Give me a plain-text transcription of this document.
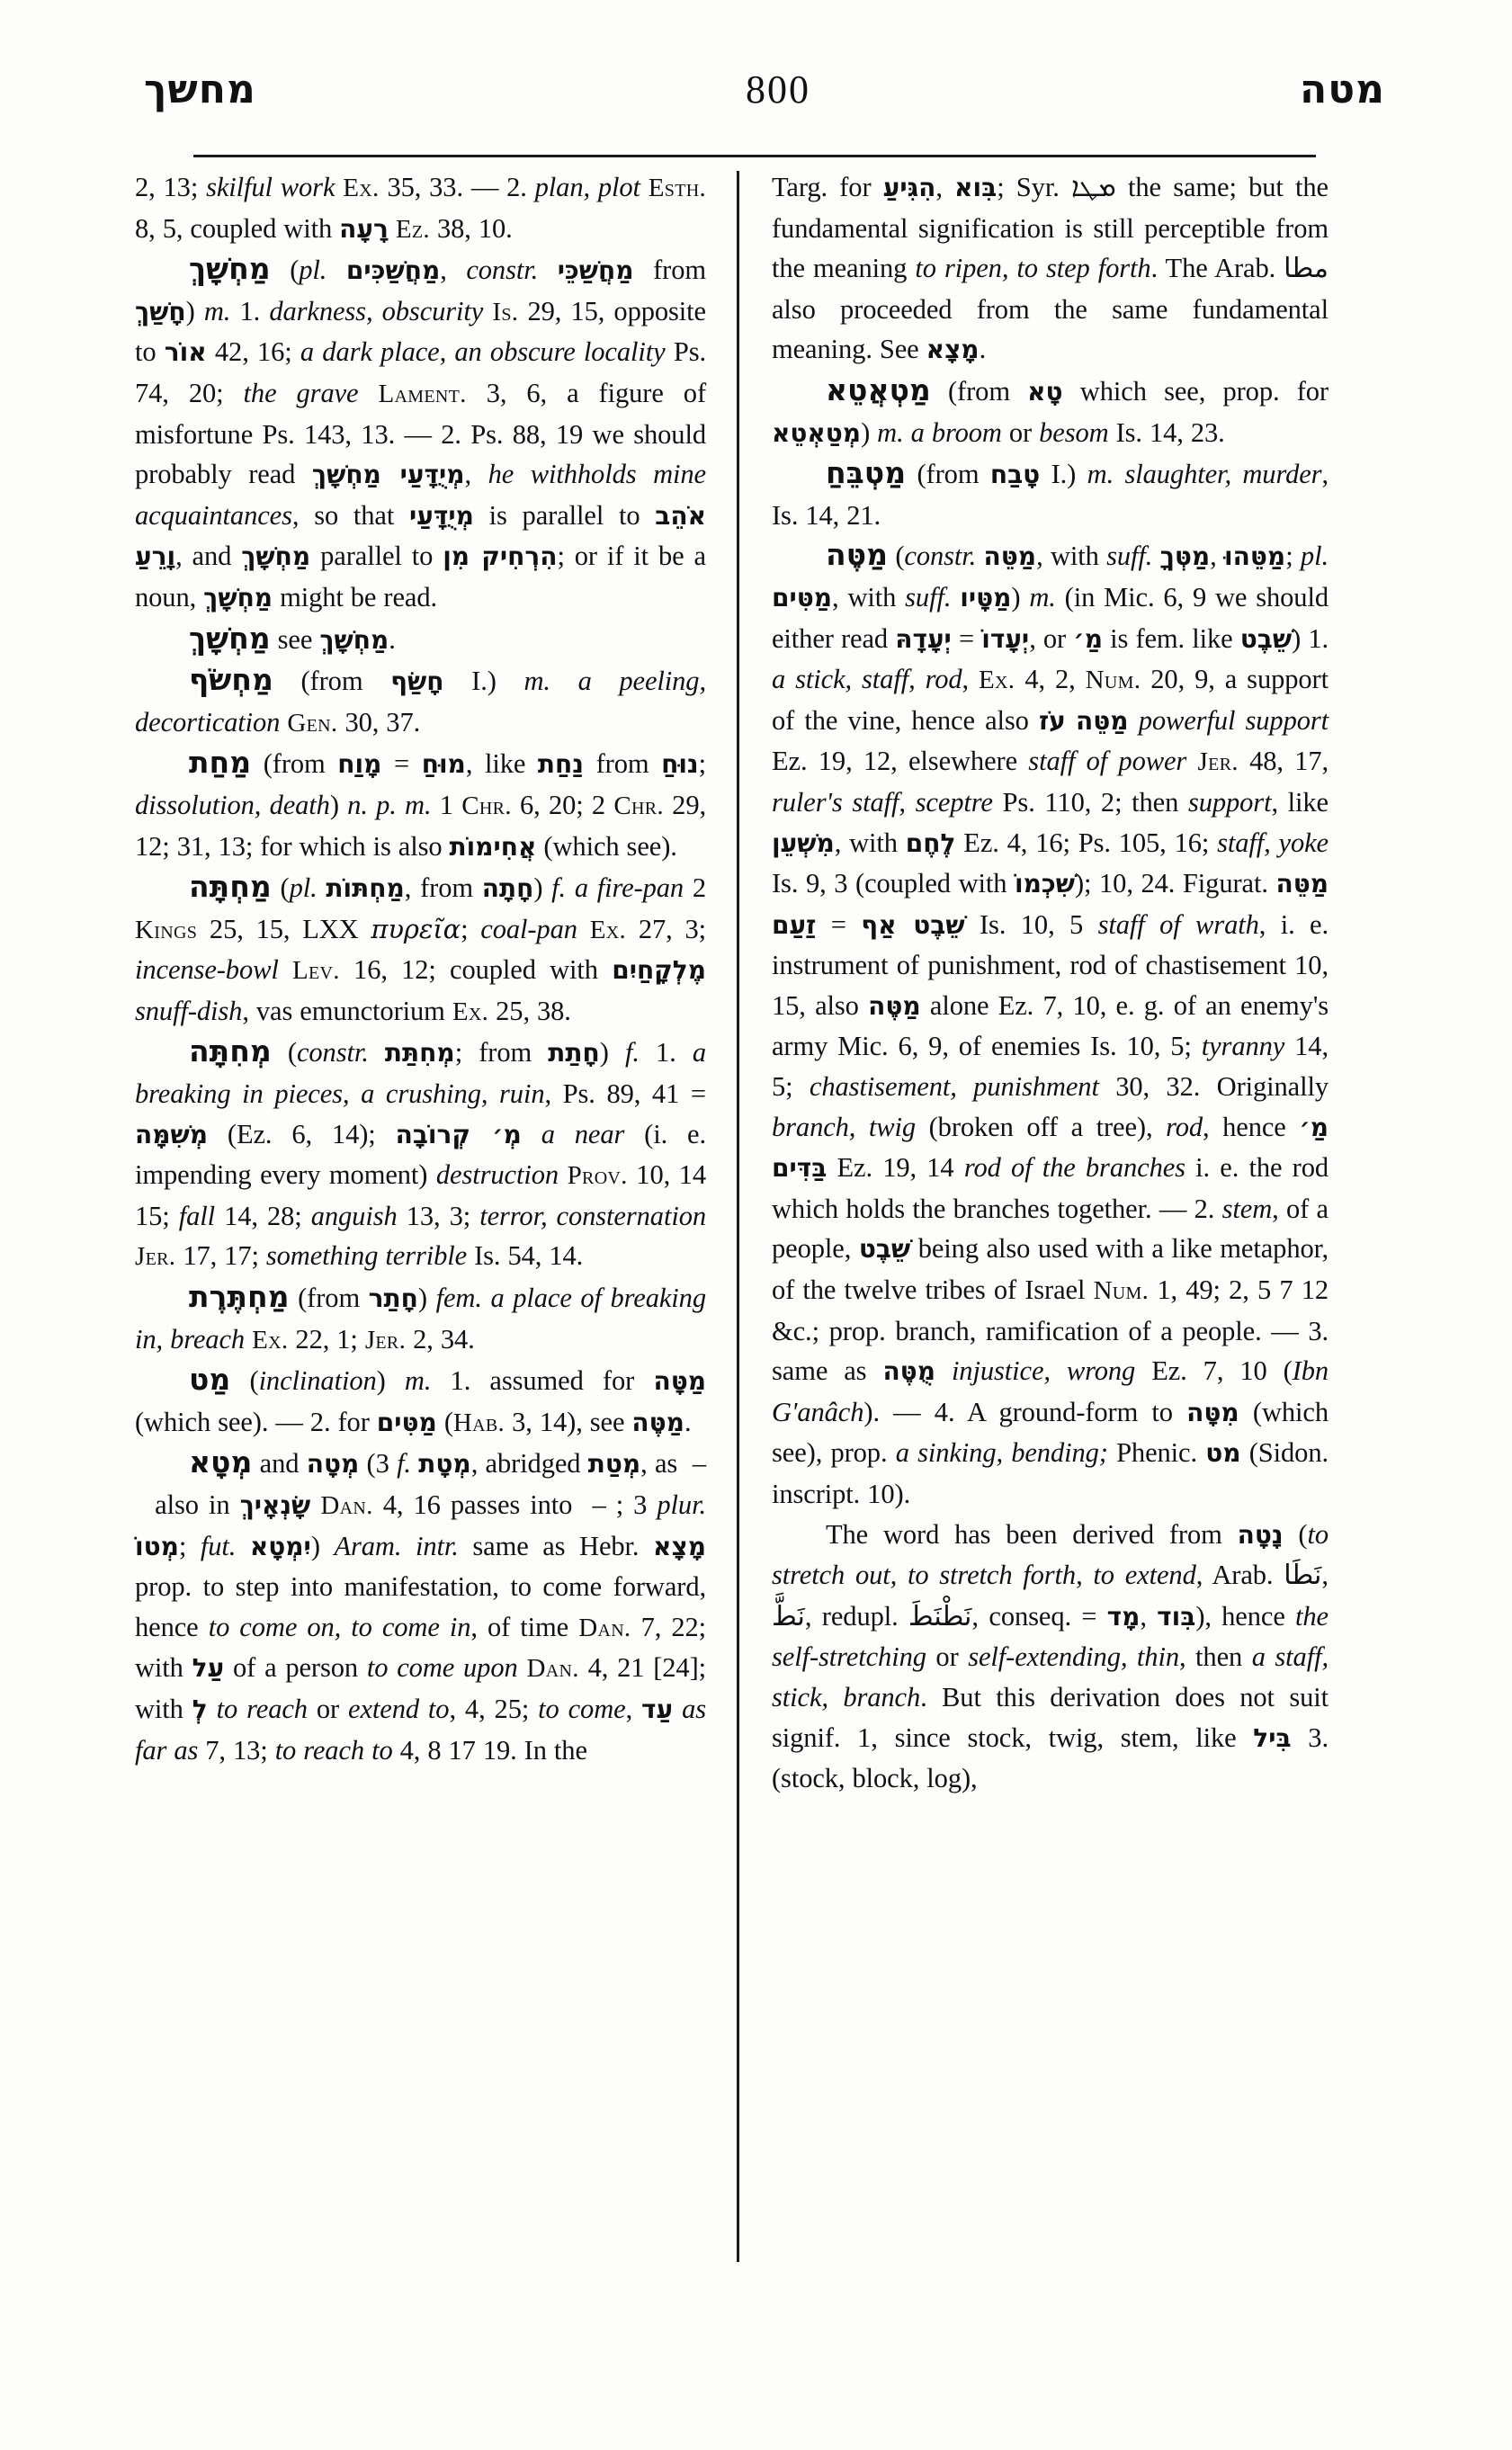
מחשך	800	מטה

2, 13; skilful work Ex. 35, 33. — 2. plan, plot Esth. 8, 5, coupled with רָעָה Ez. 38, 10.

מַחְשָׁךְ (pl. מַחֲשַׁכִּים, constr. מַחֲשַׁכֵּי from חָשַׁךְ) m. 1. darkness, obscurity Is. 29, 15, opposite to אוֹר 42, 16; a dark place, an obscure locality Ps. 74, 20; the grave Lament. 3, 6, a figure of misfortune Ps. 143, 13. — 2. Ps. 88, 19 we should probably read מְיֻדָּעַי מַחְשָׁךְ, he withholds mine acquaintances, so that מְיֻדָּעַי is parallel to אֹהֵב וָרֵעַ, and מַחְשָׁךְ parallel to הִרְחִיק מִן; or if it be a noun, מַחְשָׁךְ might be read.

מַחְשָׁךְ see מַחְשָׁךְ.

מַחְשֹׂף (from חָשַׂף I.) m. a peeling, decortication Gen. 30, 37.

מַחַת (from מָוַח = מוּחַ, like נַחַת from נוּחַ; dissolution, death) n. p. m. 1 Chr. 6, 20; 2 Chr. 29, 12; 31, 13; for which is also אֲחִימוֹת (which see).

מַחְתָּה (pl. מַחְתּוֹת, from חָתָה) f. a fire-pan 2 Kings 25, 15, LXX πυρεῖα; coal-pan Ex. 27, 3; incense-bowl Lev. 16, 12; coupled with מֶלְקָחַיִם snuff-dish, vas emunctorium Ex. 25, 38.

מְחִתָּה (constr. מְחִתַּת; from חָתַת) f. 1. a breaking in pieces, a crushing, ruin, Ps. 89, 41 = מְשִׁמָּה (Ez. 6, 14); מְ׳ קְרוֹבָה a near (i. e. impending every moment) destruction Prov. 10, 14 15; fall 14, 28; anguish 13, 3; terror, consternation Jer. 17, 17; something terrible Is. 54, 14.

מַחְתֶּרֶת (from חָתַר) fem. a place of breaking in, breach Ex. 22, 1; Jer. 2, 34.

מַט (inclination) m. 1. assumed for מַטָּה (which see). — 2. for מַטִּים (Hab. 3, 14), see מַטֶּה.

מְטָא and מְטָה (3 f. מְטָת, abridged מְטַת, as  –  also in שָׂנְאָיךְ Dan. 4, 16 passes into  – ; 3 plur. מְטוֹ; fut. יִמְטָא) Aram. intr. same as Hebr. מָצָא prop. to step into manifestation, to come forward, hence to come on, to come in, of time Dan. 7, 22; with עַל of a person to come upon Dan. 4, 21 [24]; with לְ to reach or extend to, 4, 25; to come, עַד as far as 7, 13; to reach to 4, 8 17 19. In the

Targ. for הִגִּיעַ, בִּוא; Syr. ܡܛܐ the same; but the fundamental signification is still perceptible from the meaning to ripen, to step forth. The Arab. مطا also proceeded from the same fundamental meaning. See מָצָא.

מַטְאֲטֵא (from טָא which see, prop. for מְטַאְטֵא) m. a broom or besom Is. 14, 23.

מַטְבֵּחַ (from טָבַח I.) m. slaughter, murder, Is. 14, 21.

מַטֶּה (constr. מַטֵּה, with suff. מַטְּךָ, מַטֵּהוּ; pl. מַטִּים, with suff. מַטָּיו) m. (in Mic. 6, 9 we should either read יְעָדָהּ = יְעָדוֹ, or מַ׳ is fem. like שֵׁבֶט) 1. a stick, staff, rod, Ex. 4, 2, Num. 20, 9, a support of the vine, hence also עֹז מַטֵּה powerful support Ez. 19, 12, elsewhere staff of power Jer. 48, 17, ruler's staff, sceptre Ps. 110, 2; then support, like מִשְׁעֵן, with לֶחֶם Ez. 4, 16; Ps. 105, 16; staff, yoke Is. 9, 3 (coupled with שִׁכְמוֹ); 10, 24. Figurat. מַטֵּה זַעַם = שֵׁבֶט אַף Is. 10, 5 staff of wrath, i. e. instrument of punishment, rod of chastisement 10, 15, also מַטֶּה alone Ez. 7, 10, e. g. of an enemy's army Mic. 6, 9, of enemies Is. 10, 5; tyranny 14, 5; chastisement, punishment 30, 32. Originally branch, twig (broken off a tree), rod, hence מַ׳ בַּדִּים Ez. 19, 14 rod of the branches i. e. the rod which holds the branches together. — 2. stem, of a people, שֵׁבֶט being also used with a like metaphor, of the twelve tribes of Israel Num. 1, 49; 2, 5 7 12 &c.; prop. branch, ramification of a people. — 3. same as מֻטֶּה injustice, wrong Ez. 7, 10 (Ibn G'anâch). — 4. A ground-form to מִטָּה (which see), prop. a sinking, bending; Phenic. מט (Sidon. inscript. 10).

The word has been derived from נָטָה (to stretch out, to stretch forth, to extend, Arab. نَطَا, نَطَّ, redupl. نَطْنَطَ, conseq. = מָד, בִּוד), hence the self-stretching or self-extending, thin, then a staff, stick, branch. But this derivation does not suit signif. 1, since stock, twig, stem, like בִּיל 3. (stock, block, log),
